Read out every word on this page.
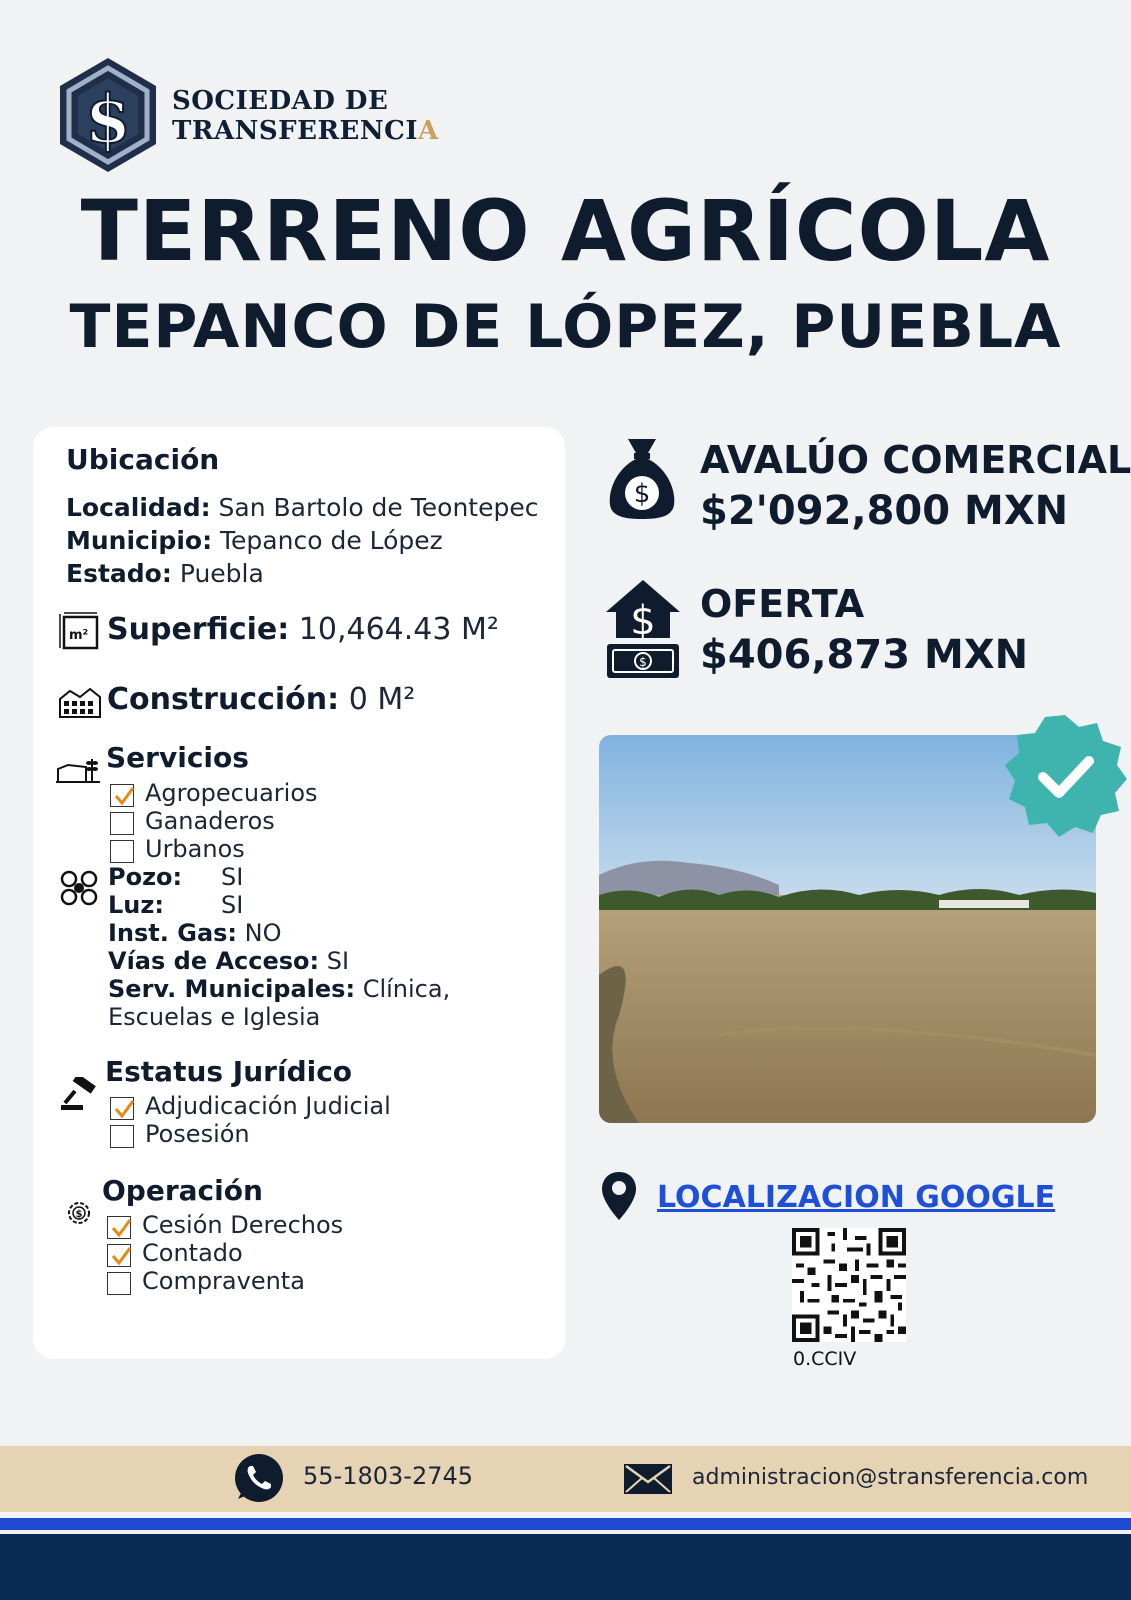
$ SOCIEDAD DE
TRANSFERENCIA
TERRENO AGRÍCOLA
TEPANCO DE LÓPEZ, PUEBLA
Ubicación
Localidad: San Bartolo de Teontepec
Municipio: Tepanco de López
Estado: Puebla
m² Superficie: 10,464.43 M²
Construcción: 0 M²
Servicios
Agropecuarios
Ganaderos
Urbanos
Pozo: SI
Luz: SI
Inst. Gas: NO
Vías de Acceso: SI
Serv. Municipales: Clínica,
Escuelas e Iglesia
Estatus Jurídico
Adjudicación Judicial
Posesión
$
Operación
Cesión Derechos
Contado
Compraventa
$
AVALÚO COMERCIAL
$2'092,800 MXN
$
$
OFERTA
$406,873 MXN
LOCALIZACION GOOGLE
0.CCIV
55-1803-2745	administracion@stransferencia.com
